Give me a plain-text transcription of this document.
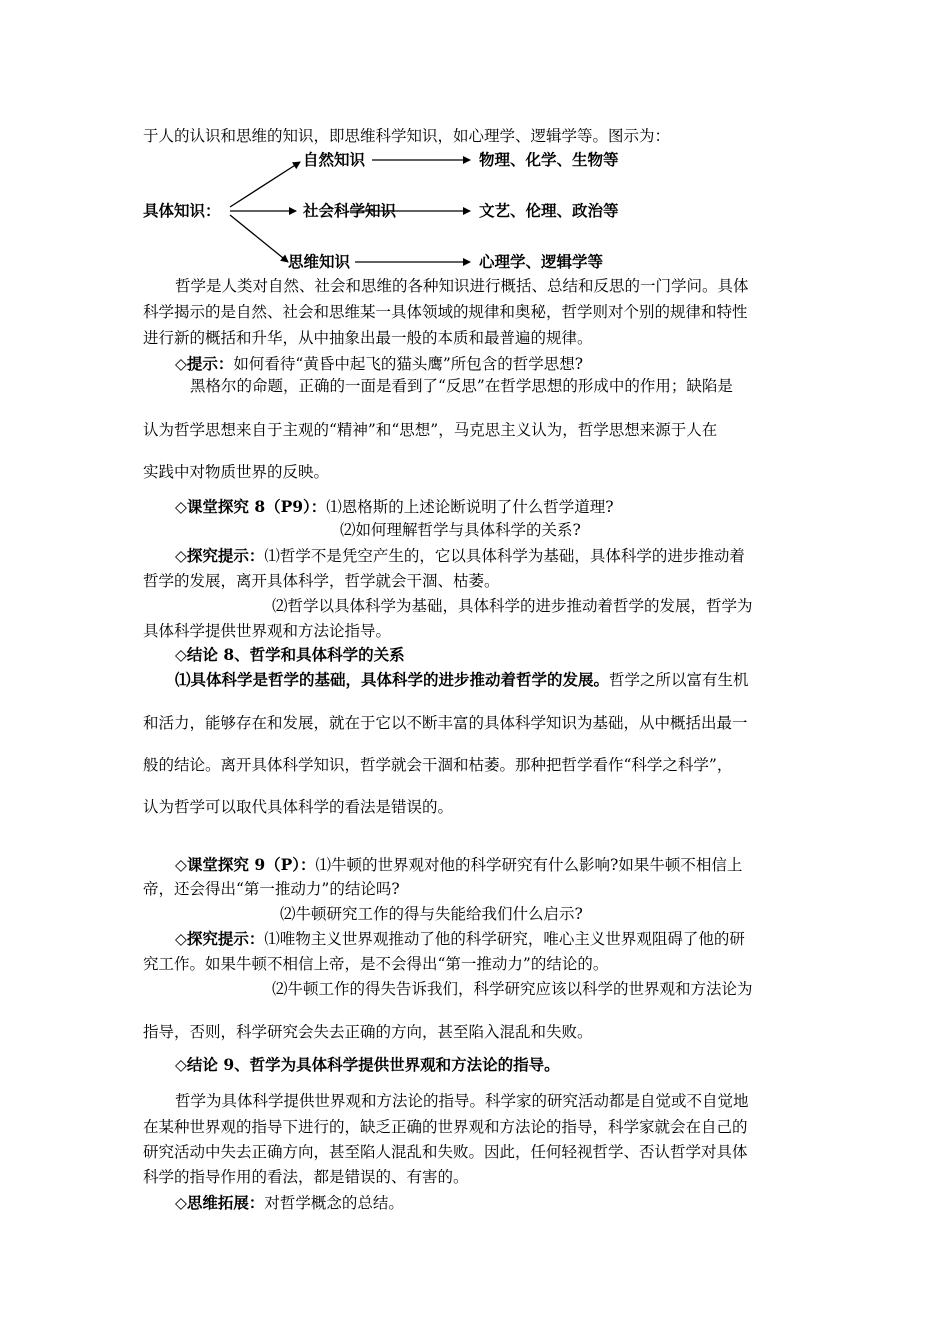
于人的认识和思维的知识，即思维科学知识，如心理学、逻辑学等。图示为：
具体知识：
自然知识
社会科学知识
思维知识
物理、化学、生物等
文艺、伦理、政治等
心理学、逻辑学等
哲学是人类对自然、社会和思维的各种知识进行概括、总结和反思的一门学问。具体
科学揭示的是自然、社会和思维某一具体领域的规律和奥秘，哲学则对个别的规律和特性
进行新的概括和升华，从中抽象出最一般的本质和最普遍的规律。
◇提示：如何看待“黄昏中起飞的猫头鹰”所包含的哲学思想?
黑格尔的命题，正确的一面是看到了“反思”在哲学思想的形成中的作用；缺陷是
认为哲学思想来自于主观的“精神”和“思想”，马克思主义认为，哲学思想来源于人在
实践中对物质世界的反映。
◇课堂探究 8（P9）：⑴恩格斯的上述论断说明了什么哲学道理?
⑵如何理解哲学与具体科学的关系?
◇探究提示：⑴哲学不是凭空产生的，它以具体科学为基础，具体科学的进步推动着
哲学的发展，离开具体科学，哲学就会干涸、枯萎。
⑵哲学以具体科学为基础，具体科学的进步推动着哲学的发展，哲学为
具体科学提供世界观和方法论指导。
◇结论 8、哲学和具体科学的关系
⑴具体科学是哲学的基础，具体科学的进步推动着哲学的发展。哲学之所以富有生机
和活力，能够存在和发展，就在于它以不断丰富的具体科学知识为基础，从中概括出最一
般的结论。离开具体科学知识，哲学就会干涸和枯萎。那种把哲学看作“科学之科学”，
认为哲学可以取代具体科学的看法是错误的。
◇课堂探究 9（P）：⑴牛顿的世界观对他的科学研究有什么影响?如果牛顿不相信上
帝，还会得出“第一推动力”的结论吗?
⑵牛顿研究工作的得与失能给我们什么启示?
◇探究提示：⑴唯物主义世界观推动了他的科学研究，唯心主义世界观阻碍了他的研
究工作。如果牛顿不相信上帝，是不会得出“第一推动力”的结论的。
⑵牛顿工作的得失告诉我们，科学研究应该以科学的世界观和方法论为
指导，否则，科学研究会失去正确的方向，甚至陷入混乱和失败。
◇结论 9、哲学为具体科学提供世界观和方法论的指导。
哲学为具体科学提供世界观和方法论的指导。科学家的研究活动都是自觉或不自觉地
在某种世界观的指导下进行的，缺乏正确的世界观和方法论的指导，科学家就会在自己的
研究活动中失去正确方向，甚至陷人混乱和失败。因此，任何轻视哲学、否认哲学对具体
科学的指导作用的看法，都是错误的、有害的。
◇思维拓展：对哲学概念的总结。
